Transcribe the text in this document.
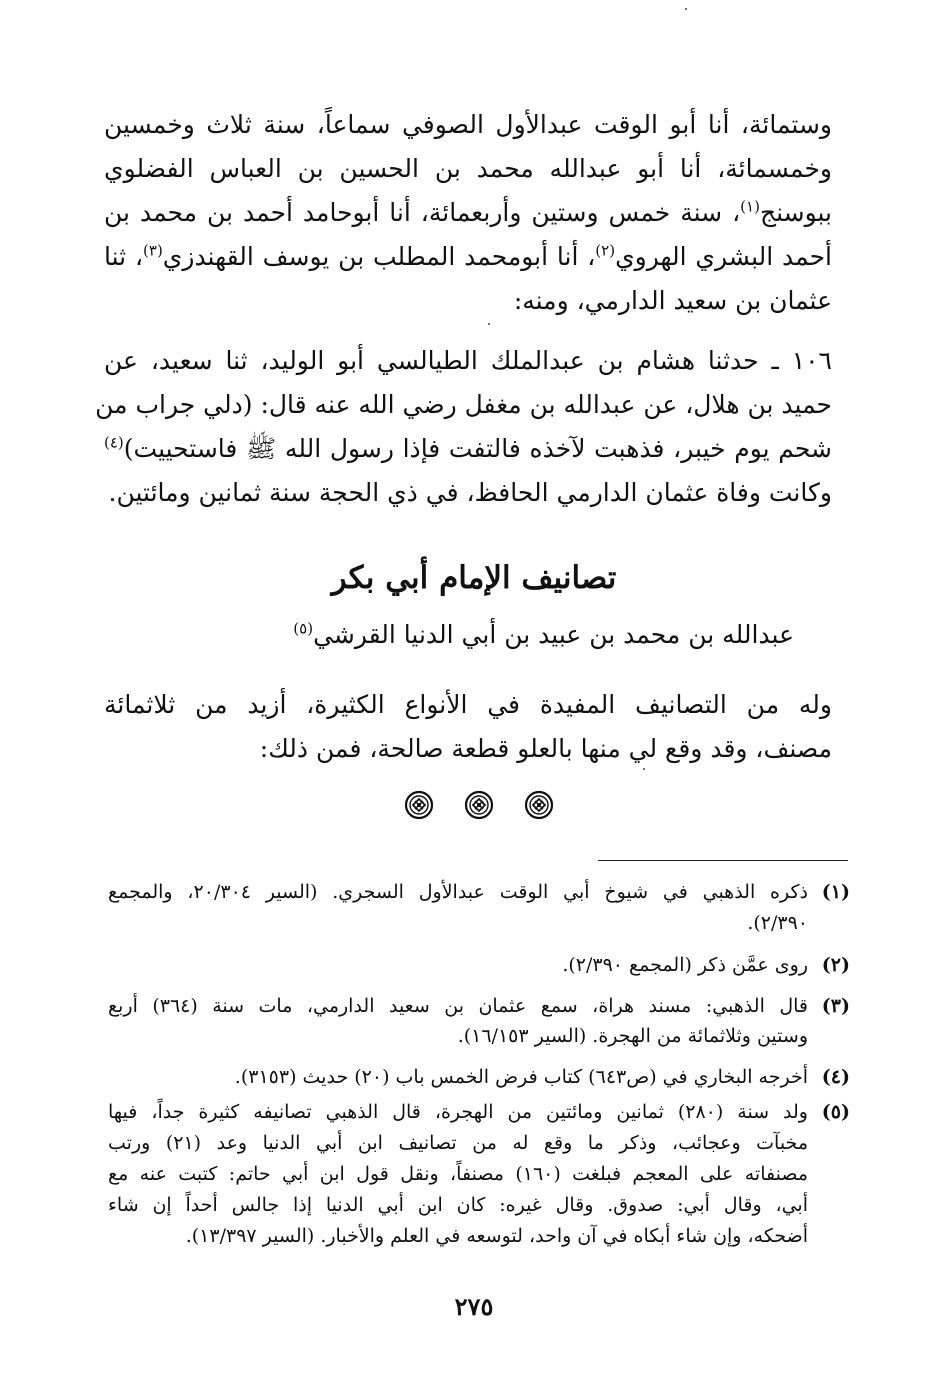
وستمائة، أنا أبو الوقت عبدالأول الصوفي سماعاً، سنة ثلاث وخمسين
وخمسمائة، أنا أبو عبدالله محمد بن الحسين بن العباس الفضلوي
ببوسنج$^{(١)}$، سنة خمس وستين وأربعمائة، أنا أبوحامد أحمد بن محمد بن
أحمد البشري الهروي$^{(٢)}$، أنا أبومحمد المطلب بن يوسف القهندزي$^{(٣)}$، ثنا
عثمان بن سعيد الدارمي، ومنه:
١٠٦ ـ حدثنا هشام بن عبدالملك الطيالسي أبو الوليد، ثنا سعيد، عن
حميد بن هلال، عن عبدالله بن مغفل رضي الله عنه قال: (دلي جراب من
شحم يوم خيبر، فذهبت لآخذه فالتفت فإذا رسول الله ﷺ فاستحييت)$^{(٤)}$
وكانت وفاة عثمان الدارمي الحافظ، في ذي الحجة سنة ثمانين ومائتين.
تصانيف الإمام أبي بكر
عبدالله بن محمد بن عبيد بن أبي الدنيا القرشي$^{(٥)}$
وله من التصانيف المفيدة في الأنواع الكثيرة، أزيد من ثلاثمائة
مصنف، وقد وقع لي منها بالعلو قطعة صالحة، فمن ذلك:
(١)
ذكره الذهبي في شيوخ أبي الوقت عبدالأول السجري. (السير ٢٠/٣٠٤، والمجمع
٢/٣٩٠).
(٢)
روى عمَّن ذكر (المجمع ٢/٣٩٠).
(٣)
قال الذهبي: مسند هراة، سمع عثمان بن سعيد الدارمي، مات سنة (٣٦٤) أربع
وستين وثلاثمائة من الهجرة. (السير ١٦/١٥٣).
(٤)
أخرجه البخاري في (ص٦٤٣) كتاب فرض الخمس باب (٢٠) حديث (٣١٥٣).
(٥)
ولد سنة (٢٨٠) ثمانين ومائتين من الهجرة، قال الذهبي تصانيفه كثيرة جداً، فيها
مخبآت وعجائب، وذكر ما وقع له من تصانيف ابن أبي الدنيا وعد (٢١) ورتب
مصنفاته على المعجم فبلغت (١٦٠) مصنفاً، ونقل قول ابن أبي حاتم: كتبت عنه مع
أبي، وقال أبي: صدوق. وقال غيره: كان ابن أبي الدنيا إذا جالس أحداً إن شاء
أضحكه، وإن شاء أبكاه في آن واحد، لتوسعه في العلم والأخبار. (السير ١٣/٣٩٧).
٢٧٥
